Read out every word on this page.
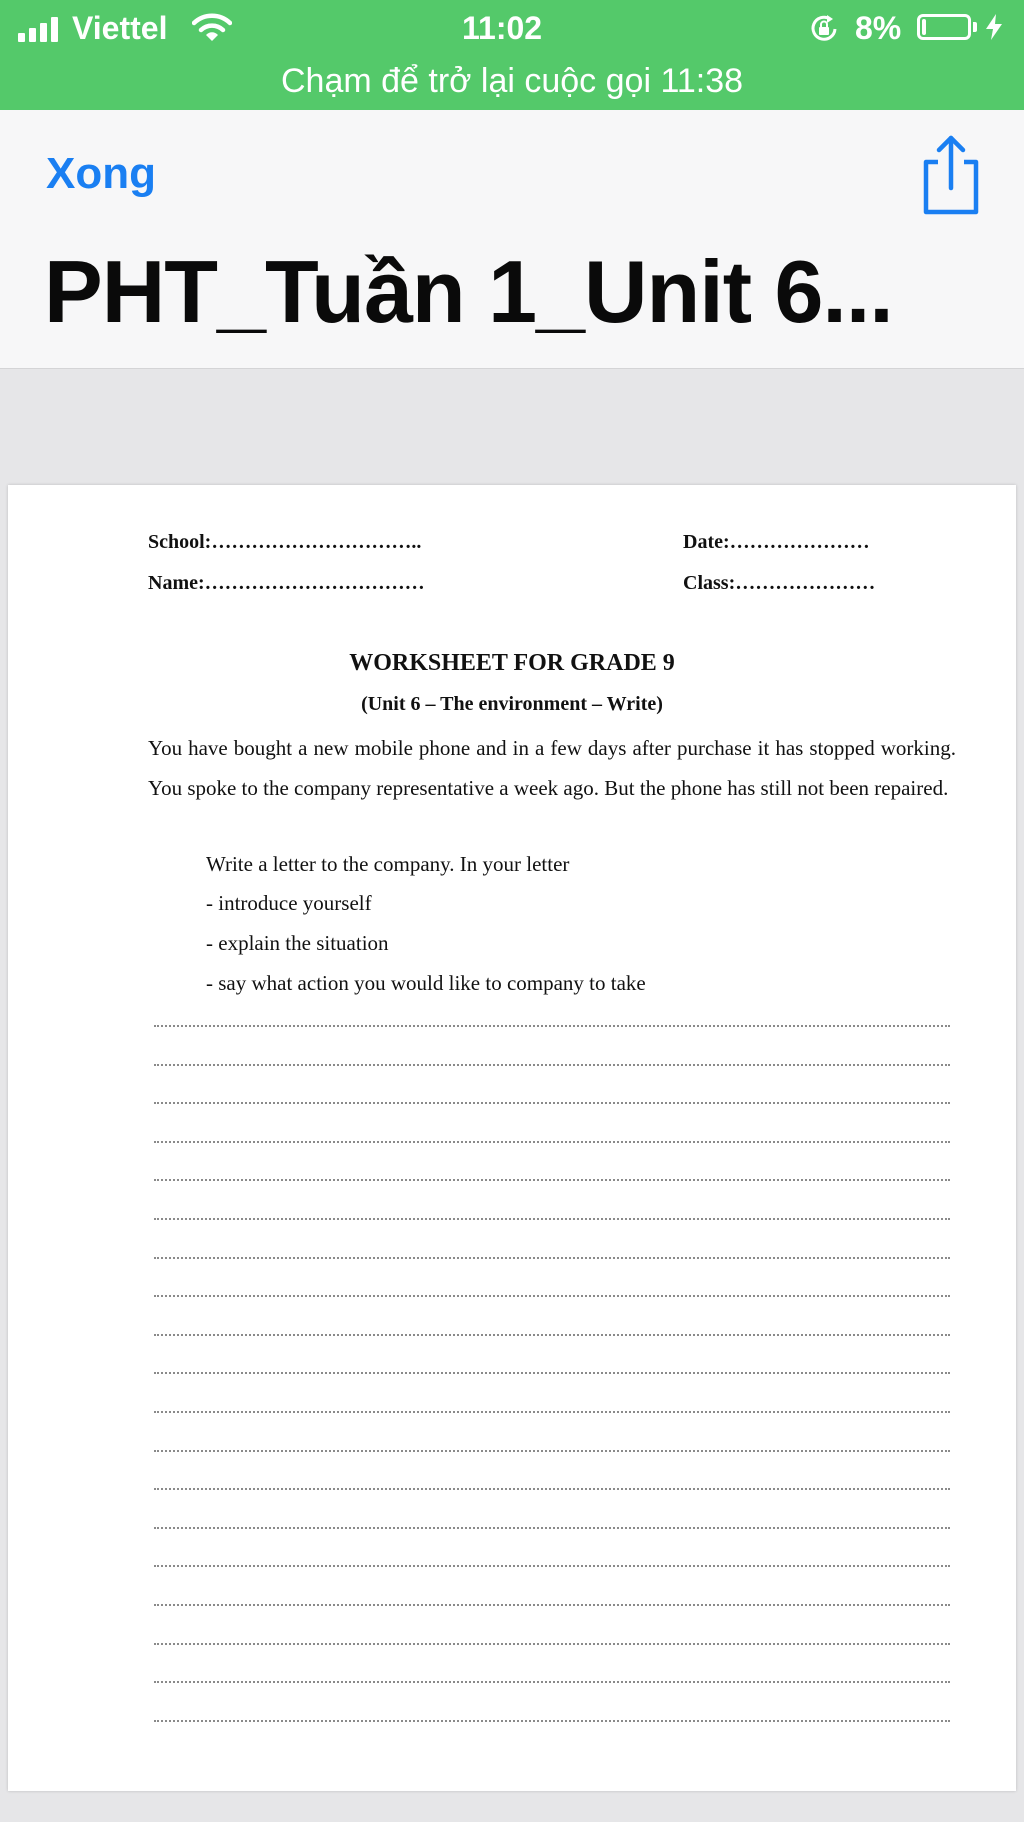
Viettel	11:02	8%
Chạm để trở lại cuộc gọi 11:38
Xong
PHT_Tuần 1_Unit 6...
School:…………………………..
Name:……………………………
Date:…………………
Class:…………………
WORKSHEET FOR GRADE 9
(Unit 6 – The environment – Write)

You have bought a new mobile phone and in a few days after purchase it has stopped working. You spoke to the company representative a week ago. But the phone has still not been repaired.

Write a letter to the company. In your letter
- introduce yourself
- explain the situation
- say what action you would like to company to take
